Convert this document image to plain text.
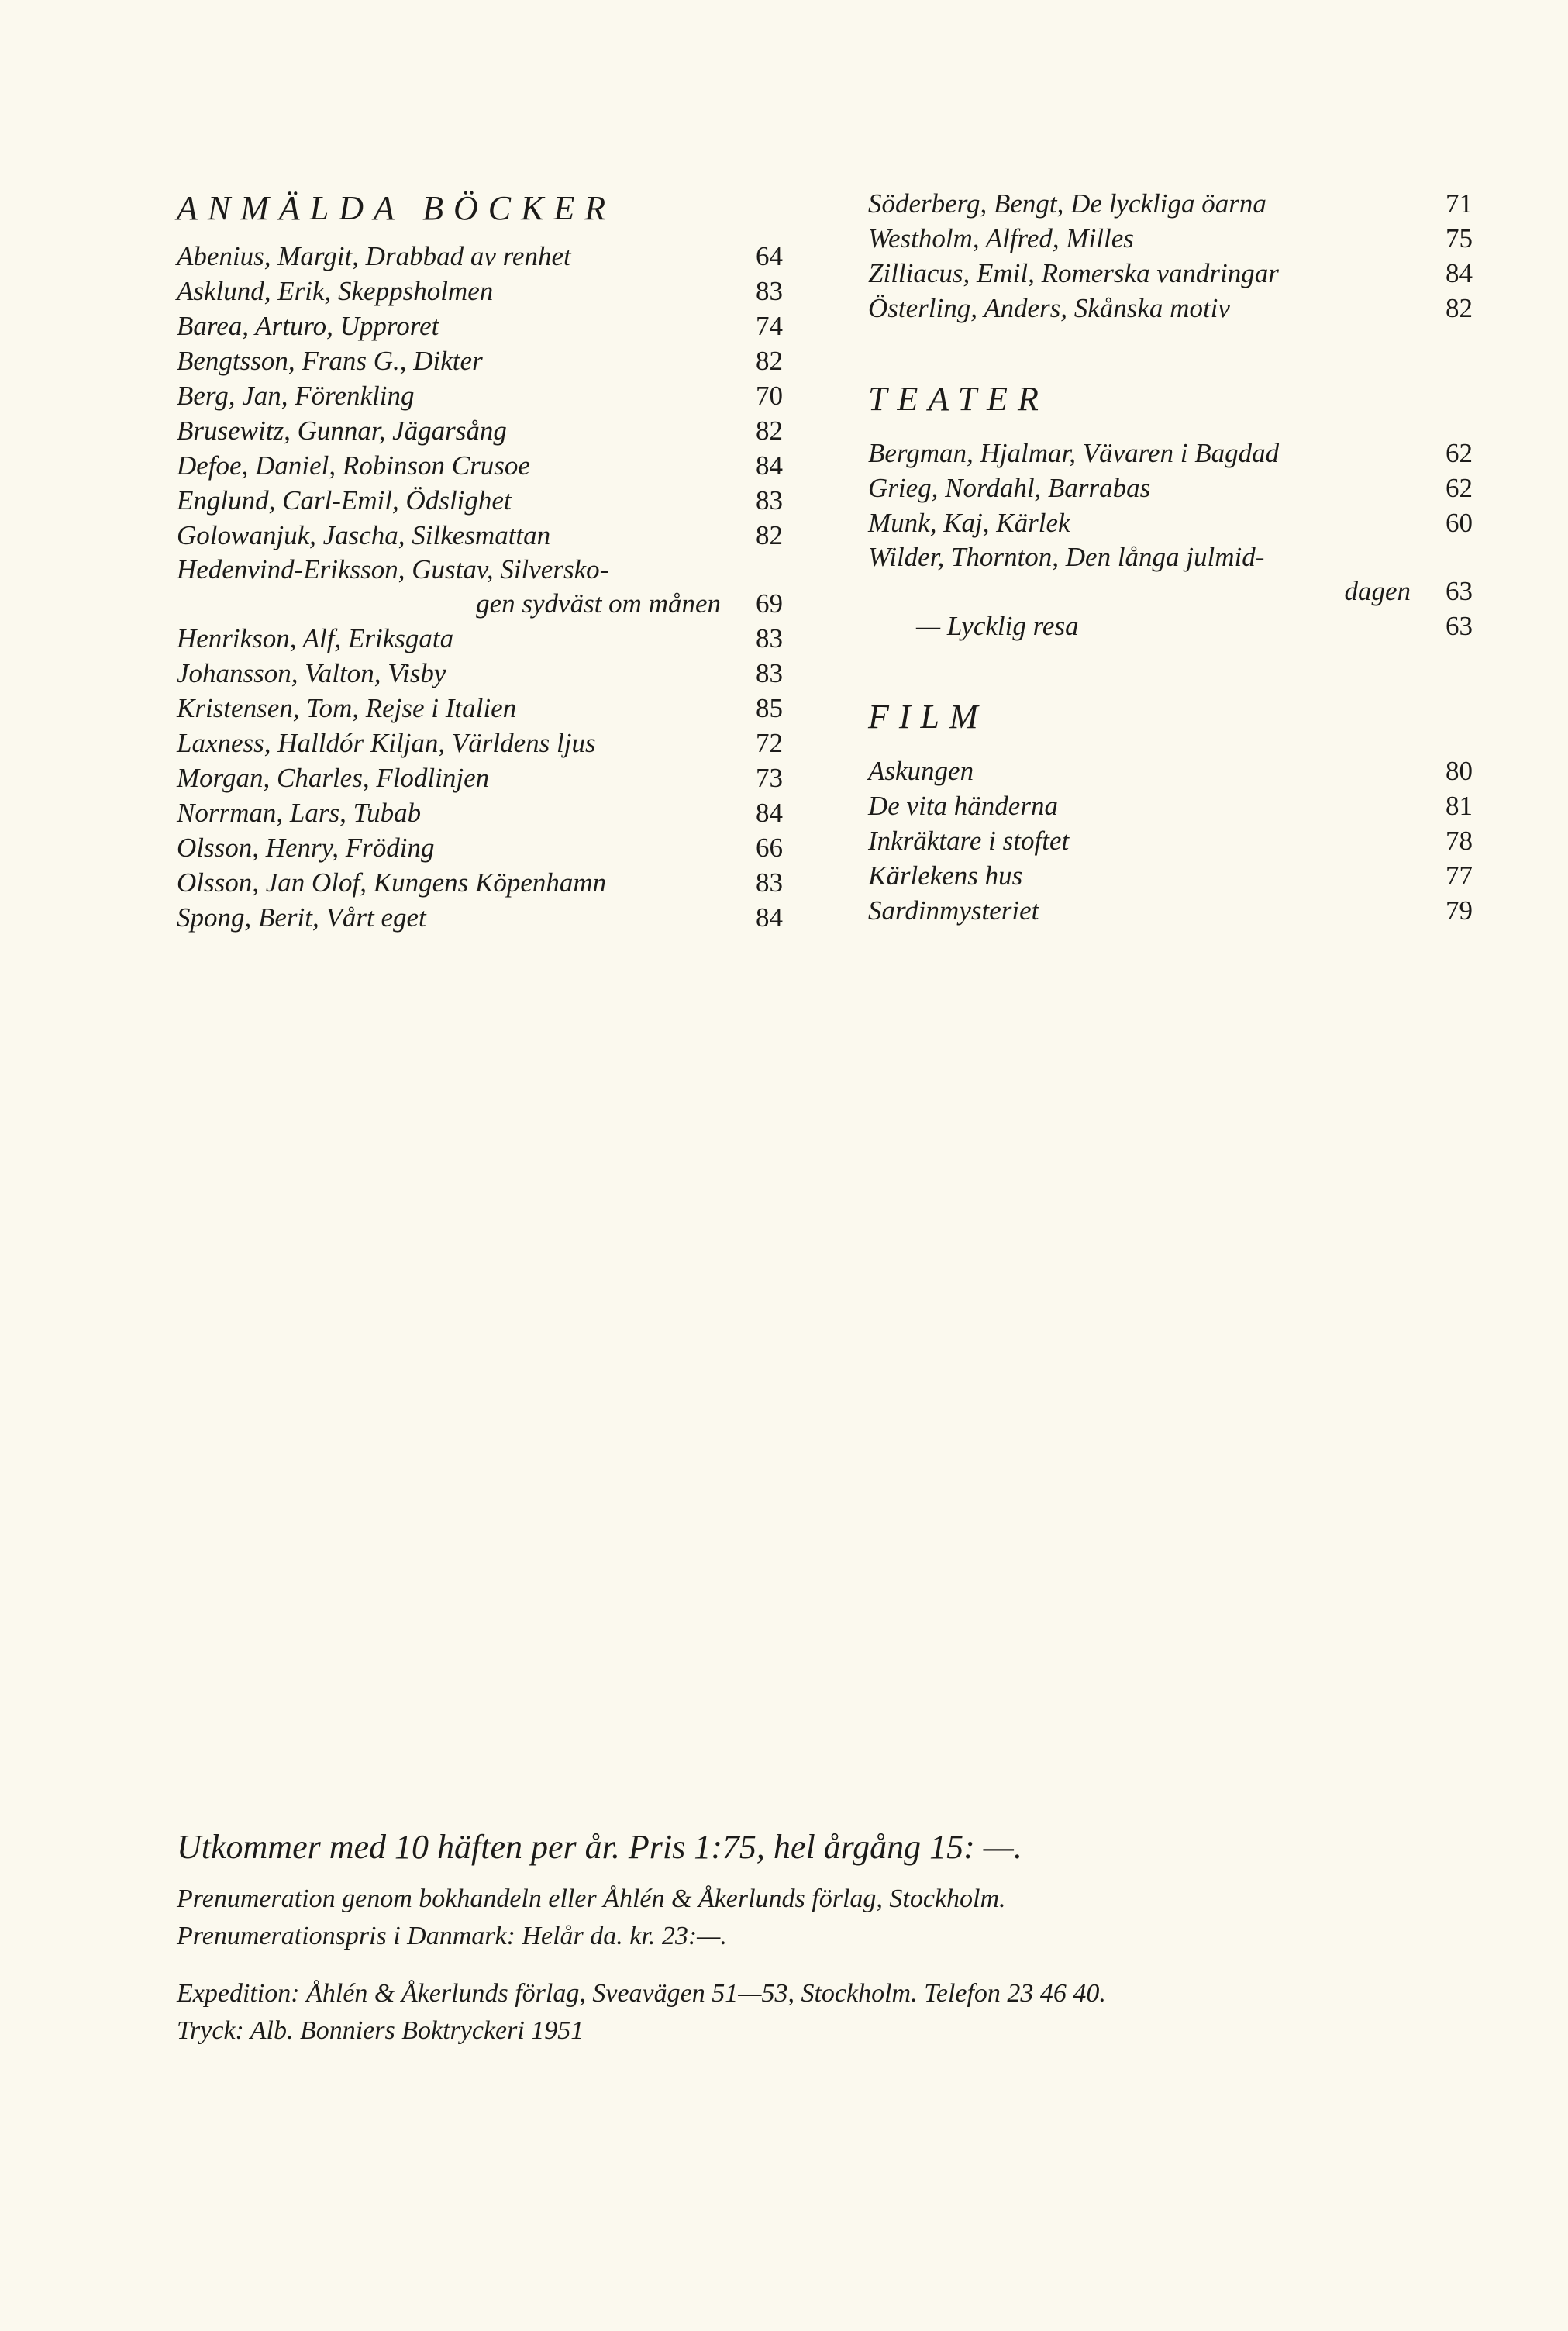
ANMÄLDA BÖCKER
Abenius, Margit, Drabbad av renhet	64
Asklund, Erik, Skeppsholmen	83
Barea, Arturo, Upproret	74
Bengtsson, Frans G., Dikter	82
Berg, Jan, Förenkling	70
Brusewitz, Gunnar, Jägarsång	82
Defoe, Daniel, Robinson Crusoe	84
Englund, Carl-Emil, Ödslighet	83
Golowanjuk, Jascha, Silkesmattan	82
Hedenvind-Eriksson, Gustav, Silversko-
gen sydväst om månen	69
Henrikson, Alf, Eriksgata	83
Johansson, Valton, Visby	83
Kristensen, Tom, Rejse i Italien	85
Laxness, Halldór Kiljan, Världens ljus	72
Morgan, Charles, Flodlinjen	73
Norrman, Lars, Tubab	84
Olsson, Henry, Fröding	66
Olsson, Jan Olof, Kungens Köpenhamn	83
Spong, Berit, Vårt eget	84
Söderberg, Bengt, De lyckliga öarna	71
Westholm, Alfred, Milles	75
Zilliacus, Emil, Romerska vandringar	84
Österling, Anders, Skånska motiv	82
TEATER
Bergman, Hjalmar, Vävaren i Bagdad	62
Grieg, Nordahl, Barrabas	62
Munk, Kaj, Kärlek	60
Wilder, Thornton, Den långa julmid-
dagen	63
— Lycklig resa	63
FILM
Askungen	80
De vita händerna	81
Inkräktare i stoftet	78
Kärlekens hus	77
Sardinmysteriet	79
Utkommer med 10 häften per år. Pris 1:75, hel årgång 15: —.
Prenumeration genom bokhandeln eller Åhlén & Åkerlunds förlag, Stockholm.
Prenumerationspris i Danmark: Helår da. kr. 23:—.
Expedition: Åhlén & Åkerlunds förlag, Sveavägen 51—53, Stockholm. Telefon 23 46 40.
Tryck: Alb. Bonniers Boktryckeri 1951
